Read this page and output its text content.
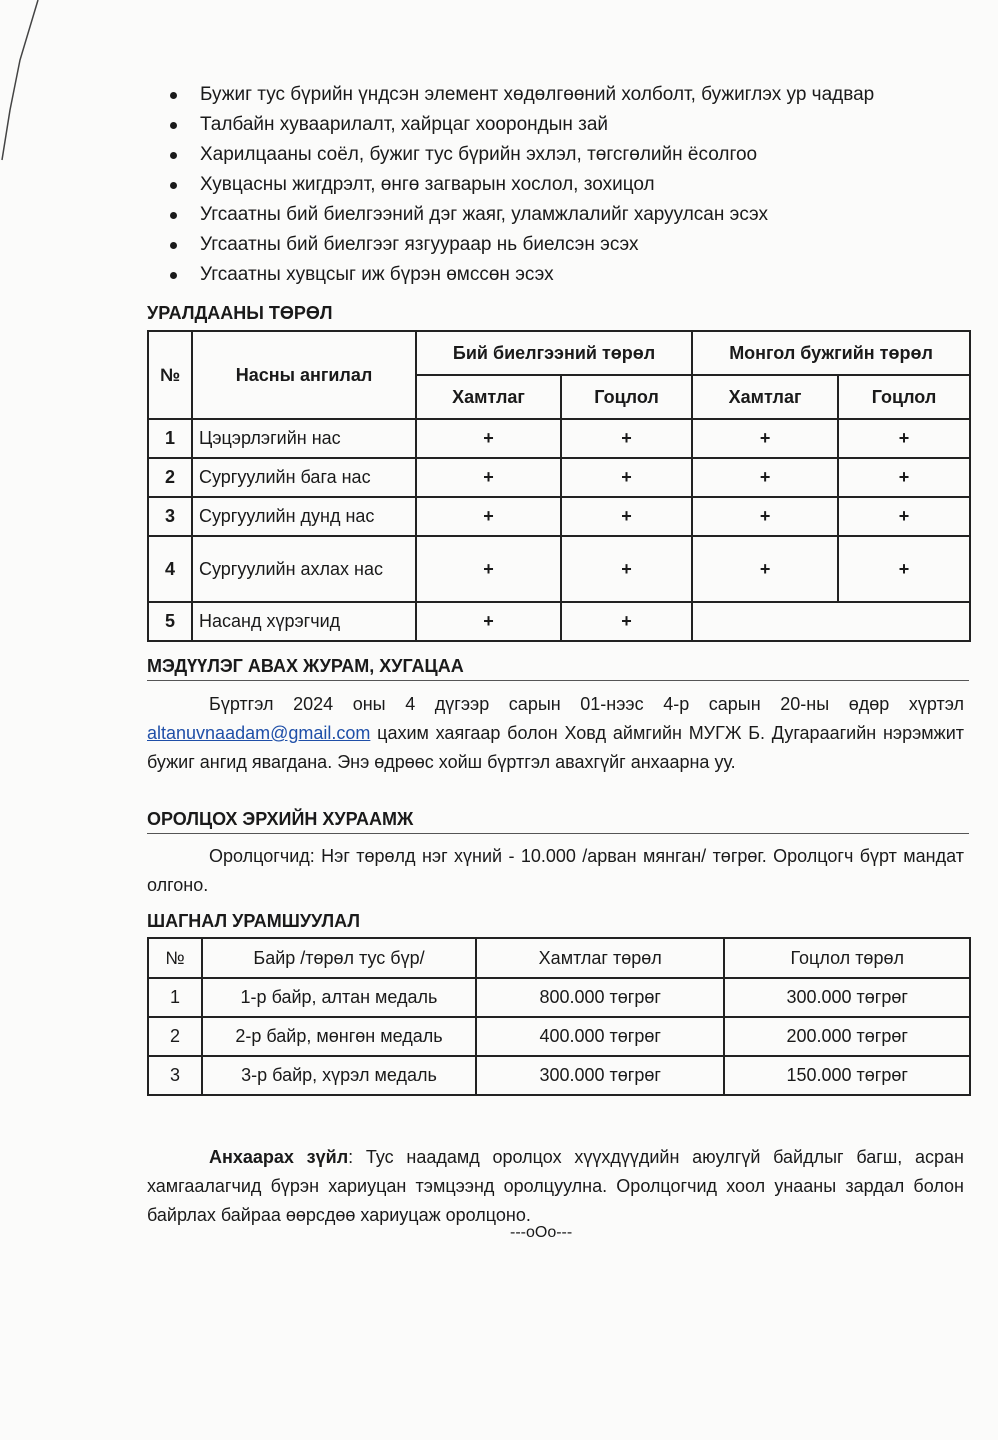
Бужиг тус бүрийн үндсэн элемент хөдөлгөөний холболт, бужиглэх ур чадвар
Талбайн хуваарилалт, хайрцаг хоорондын зай
Харилцааны соёл, бужиг тус бүрийн эхлэл, төгсгөлийн ёсолгоо
Хувцасны жигдрэлт, өнгө загварын хослол, зохицол
Угсаатны бий биелгээний дэг жаяг, уламжлалийг харуулсан эсэх
Угсаатны бий биелгээг язгуураар нь биелсэн эсэх
Угсаатны хувцсыг иж бүрэн өмссөн эсэх
УРАЛДААНЫ ТӨРӨЛ
№	Насны ангилал	Бий биелгээний төрөл		Монгол бужгийн төрөл	
		Хамтлаг	Гоцлол	Хамтлаг	Гоцлол
1	Цэцэрлэгийн нас	+	+	+	+
2	Сургуулийн бага нас	+	+	+	+
3	Сургуулийн дунд нас	+	+	+	+
4	Сургуулийн ахлах нас	+	+	+	+
5	Насанд хүрэгчид	+	+		
МЭДҮҮЛЭГ АВАХ ЖУРАМ, ХУГАЦАА

Бүртгэл 2024 оны 4 дүгээр сарын 01-нээс 4-р сарын 20-ны өдөр хүртэл altanuvnaadam@gmail.com цахим хаягаар болон Ховд аймгийн МУГЖ Б. Дугараагийн нэрэмжит бужиг ангид явагдана. Энэ өдрөөс хойш бүртгэл авахгүйг анхаарна уу.

ОРОЛЦОХ ЭРХИЙН ХУРААМЖ

Оролцогчид: Нэг төрөлд нэг хүний - 10.000 /арван мянган/ төгрөг. Оролцогч бүрт мандат олгоно.

ШАГНАЛ УРАМШУУЛАЛ
№	Байр /төрөл тус бүр/	Хамтлаг төрөл	Гоцлол төрөл
1	1-р байр, алтан медаль	800.000 төгрөг	300.000 төгрөг
2	2-р байр, мөнгөн медаль	400.000 төгрөг	200.000 төгрөг
3	3-р байр, хүрэл медаль	300.000 төгрөг	150.000 төгрөг

Анхаарах зүйл: Тус наадамд оролцох хүүхдүүдийн аюулгүй байдлыг багш, асран хамгаалагчид бүрэн хариуцан тэмцээнд оролцуулна. Оролцогчид хоол унааны зардал болон байрлах байраа өөрсдөө хариуцаж оролцоно.

---oOo---
